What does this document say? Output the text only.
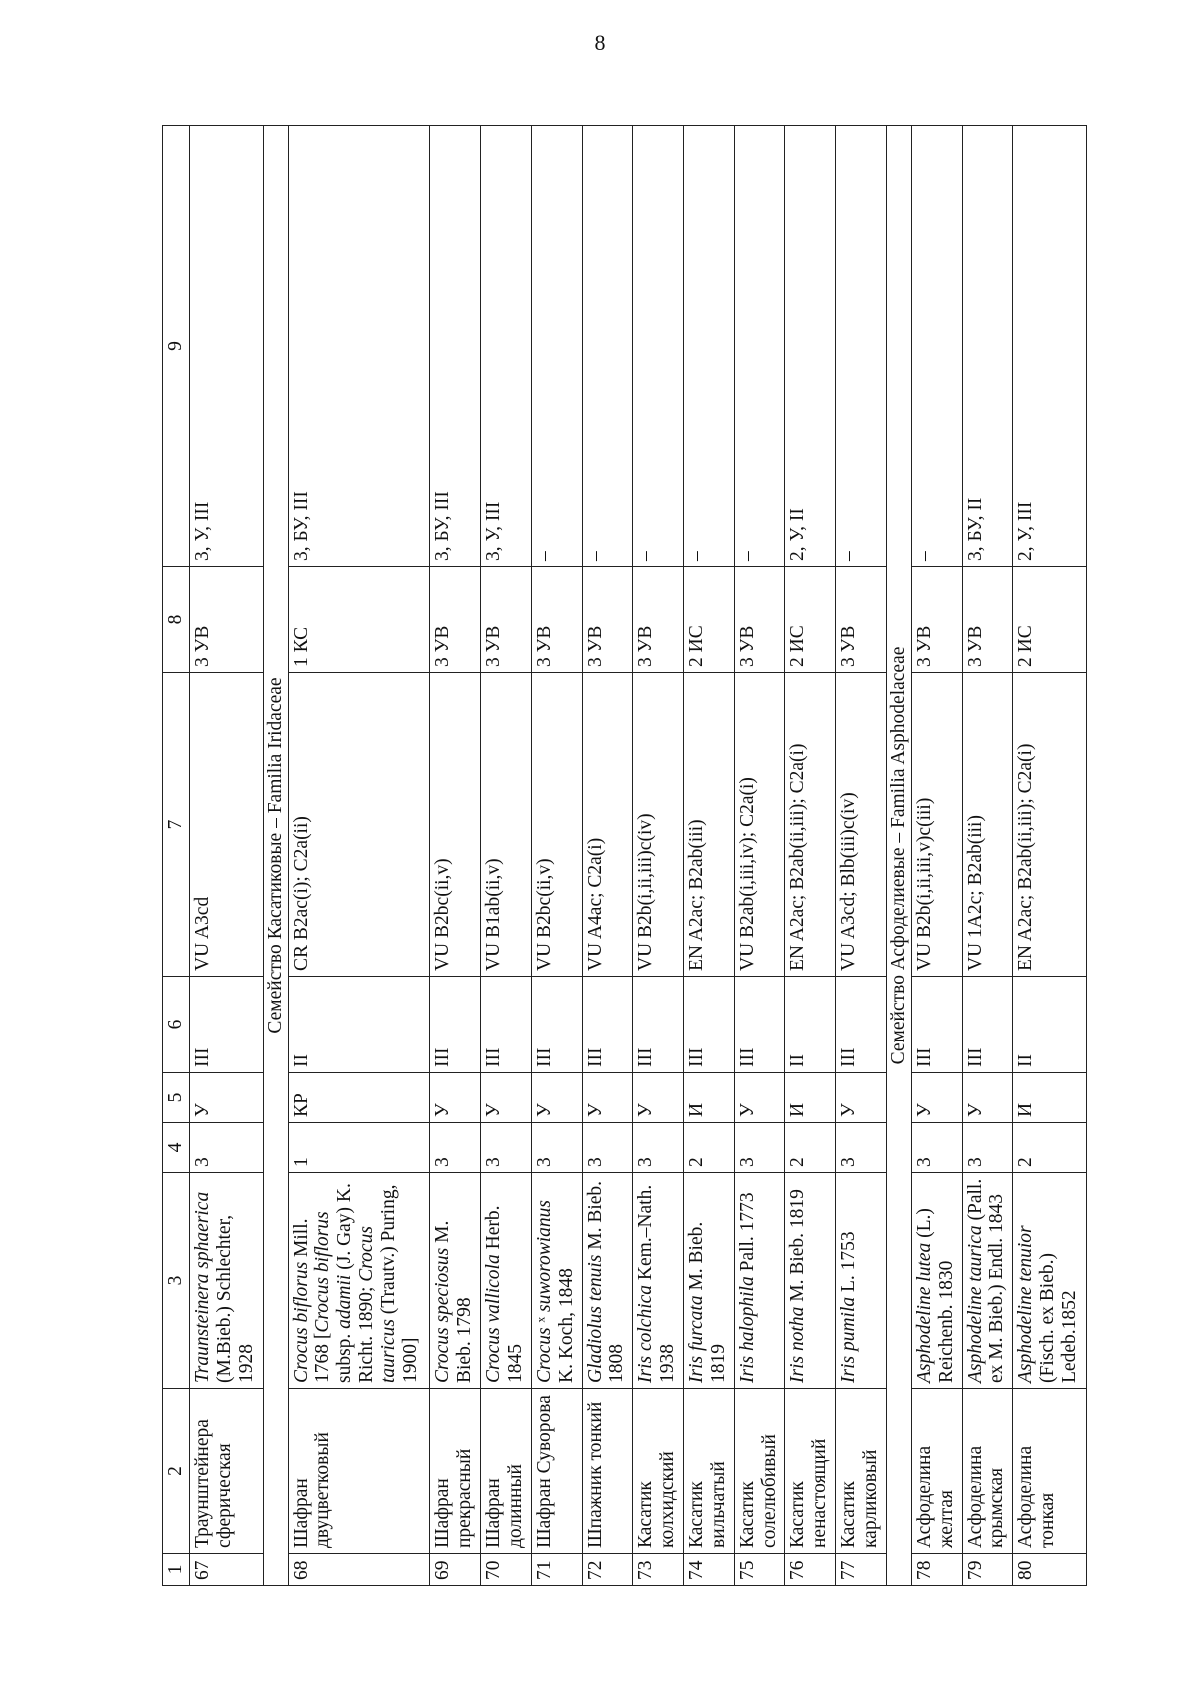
8
1	2	3	4	5	6	7	8	9
67	Траунштейнера сферическая	Traunsteinera sphaerica (M.Bieb.) Schlechter, 1928	3	У	III	VU A3cd	3 УВ	3, У, III
Семейство Касатиковые – Familia Iridaceae								
68	Шафран двуцветковый	Crocus biflorus Mill. 1768 [Crocus biflorus subsp. adamii (J. Gay) K. Richt. 1890; Crocus tauricus (Trautv.) Puring, 1900]	1	КР	II	CR B2ac(i); C2a(ii)	1 КС	3, БУ, III
69	Шафран прекрасный	Crocus speciosus M. Bieb. 1798	3	У	III	VU B2bc(ii,v)	3 УВ	3, БУ, III
70	Шафран долинный	Crocus vallicola Herb. 1845	3	У	III	VU B1ab(ii,v)	3 УВ	3, У, III
71	Шафран Суворова	Crocus ˣ suworowianus K. Koch, 1848	3	У	III	VU B2bc(ii,v)	3 УВ	–
72	Шпажник тонкий	Gladiolus tenuis M. Bieb. 1808	3	У	III	VU A4ac; C2a(i)	3 УВ	–
73	Касатик колхидский	Iris colchica Kem.–Nath. 1938	3	У	III	VU B2b(i,ii,iii)c(iv)	3 УВ	–
74	Касатик вильчатый	Iris furcata M. Bieb. 1819	2	И	III	EN A2ac; B2ab(iii)	2 ИС	–
75	Касатик солелюбивый	Iris halophila Pall. 1773	3	У	III	VU B2ab(i,iii,iv); C2a(i)	3 УВ	–
76	Касатик ненастоящий	Iris notha M. Bieb. 1819	2	И	II	EN A2ac; B2ab(ii,iii); C2a(i)	2 ИС	2, У, II
77	Касатик карликовый	Iris pumila L. 1753	3	У	III	VU A3cd; Blb(iii)c(iv)	3 УВ	–
Семейство Асфоделиевые – Familia Asphodelaceae								
78	Асфоделина желтая	Asphodeline lutea (L.) Reichenb. 1830	3	У	III	VU B2b(i,ii,iii,v)c(iii)	3 УВ	–
79	Асфоделина крымская	Asphodeline taurica (Pall. ex M. Bieb.) Endl. 1843	3	У	III	VU 1A2c; B2ab(iii)	3 УВ	3, БУ, II
80	Асфоделина тонкая	Asphodeline tenuior (Fisch. ex Bieb.) Ledeb.1852	2	И	II	EN A2ac; B2ab(ii,iii); C2a(i)	2 ИС	2, У, III
